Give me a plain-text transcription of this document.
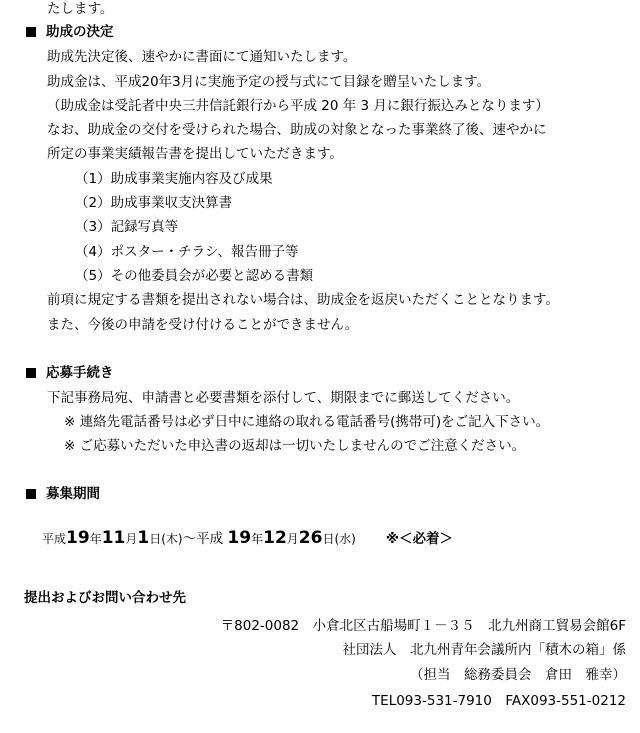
たします。
助成の決定
助成先決定後、速やかに書面にて通知いたします。
助成金は、平成20年3月に実施予定の授与式にて目録を贈呈いたします。
（助成金は受託者中央三井信託銀行から平成 20 年 3 月に銀行振込みとなります）
なお、助成金の交付を受けられた場合、助成の対象となった事業終了後、速やかに
所定の事業実績報告書を提出していただきます。
（1）助成事業実施内容及び成果
（2）助成事業収支決算書
（3）記録写真等
（4）ポスター・チラシ、報告冊子等
（5）その他委員会が必要と認める書類
前項に規定する書類を提出されない場合は、助成金を返戻いただくこととなります。
また、今後の申請を受け付けることができません。
応募手続き
下記事務局宛、申請書と必要書類を添付して、期限までに郵送してください。
※ 連絡先電話番号は必ず日中に連絡の取れる電話番号(携帯可)をご記入下さい。
※ ご応募いただいた申込書の返却は一切いたしませんのでご注意ください。
募集期間
平成19年11月1日(木)～平成 19年12月26日(水) ※＜必着＞
提出およびお問い合わせ先
〒802-0082　小倉北区古船場町１－３５　北九州商工貿易会館6F
社団法人　北九州青年会議所内「積木の箱」係
（担当　総務委員会　倉田　雅幸）
TEL093-531-7910　FAX093-551-0212
